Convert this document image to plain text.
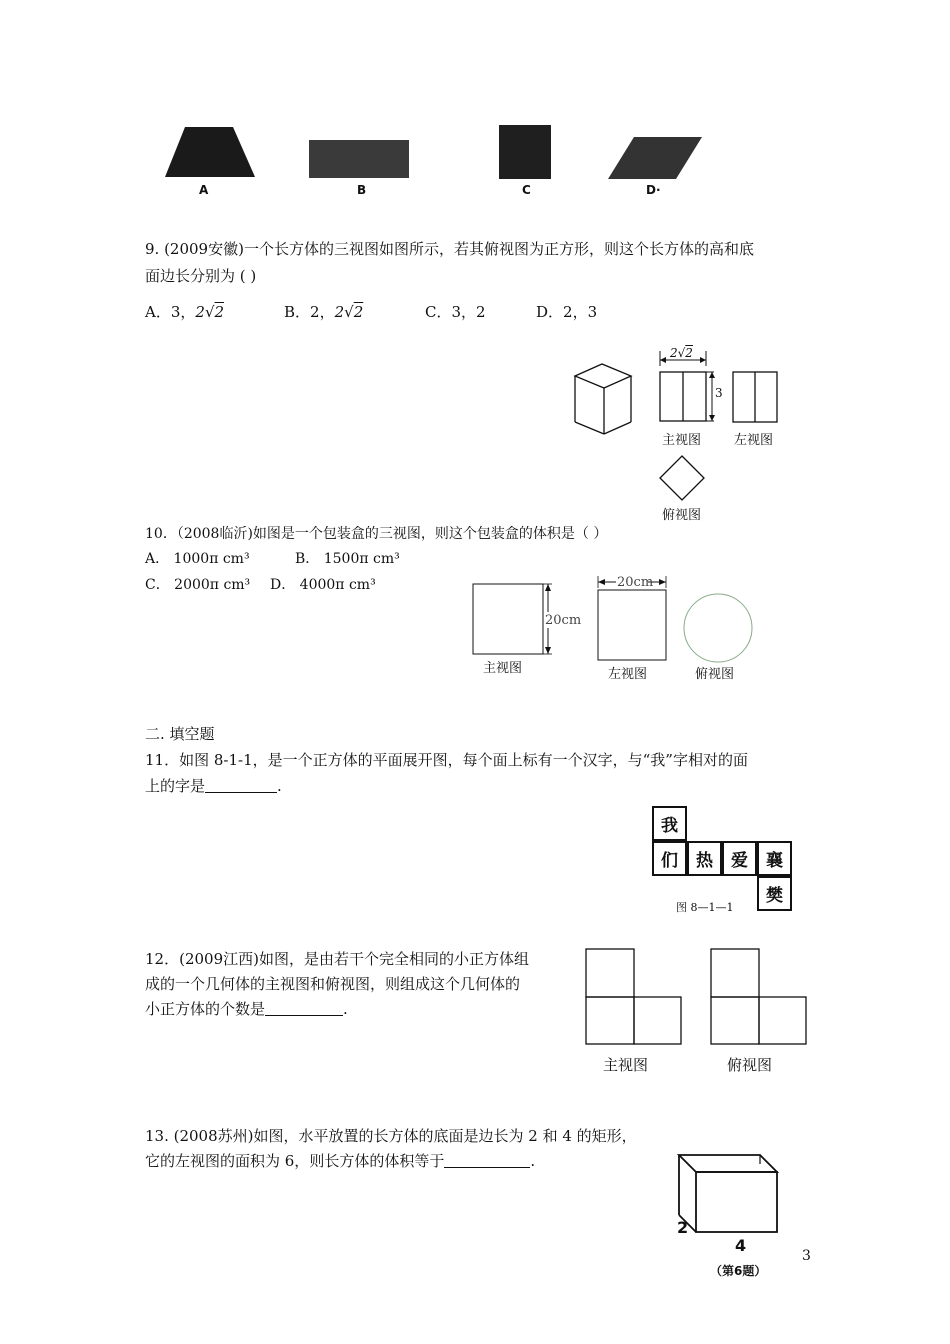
A	B	C	D·
9. (2009安徽)一个长方体的三视图如图所示，若其俯视图为正方形，则这个长方体的高和底
面边长分别为 ( )
A．3，2√2	B．2，2√2	C．3，2	D．2，3
2√2
3
主视图	左视图
俯视图
10．（2008临沂)如图是一个包装盒的三视图，则这个包装盒的体积是（ ）
A． 1000π cm³	B． 1500π cm³
C． 2000π cm³ D． 4000π cm³
20cm
主视图
20cm
左视图	俯视图
二. 填空题
11．如图 8-1-1，是一个正方体的平面展开图，每个面上标有一个汉字，与“我”字相对的面
上的字是	.
我
们	热	爱	襄
樊
图 8—1—1
12．(2009江西)如图，是由若干个完全相同的小正方体组
成的一个几何体的主视图和俯视图，则组成这个几何体的
小正方体的个数是	.
主视图	俯视图
13. (2008苏州)如图，水平放置的长方体的底面是边长为 2 和 4 的矩形，
它的左视图的面积为 6，则长方体的体积等于	.
2
4
（第6题）
3
